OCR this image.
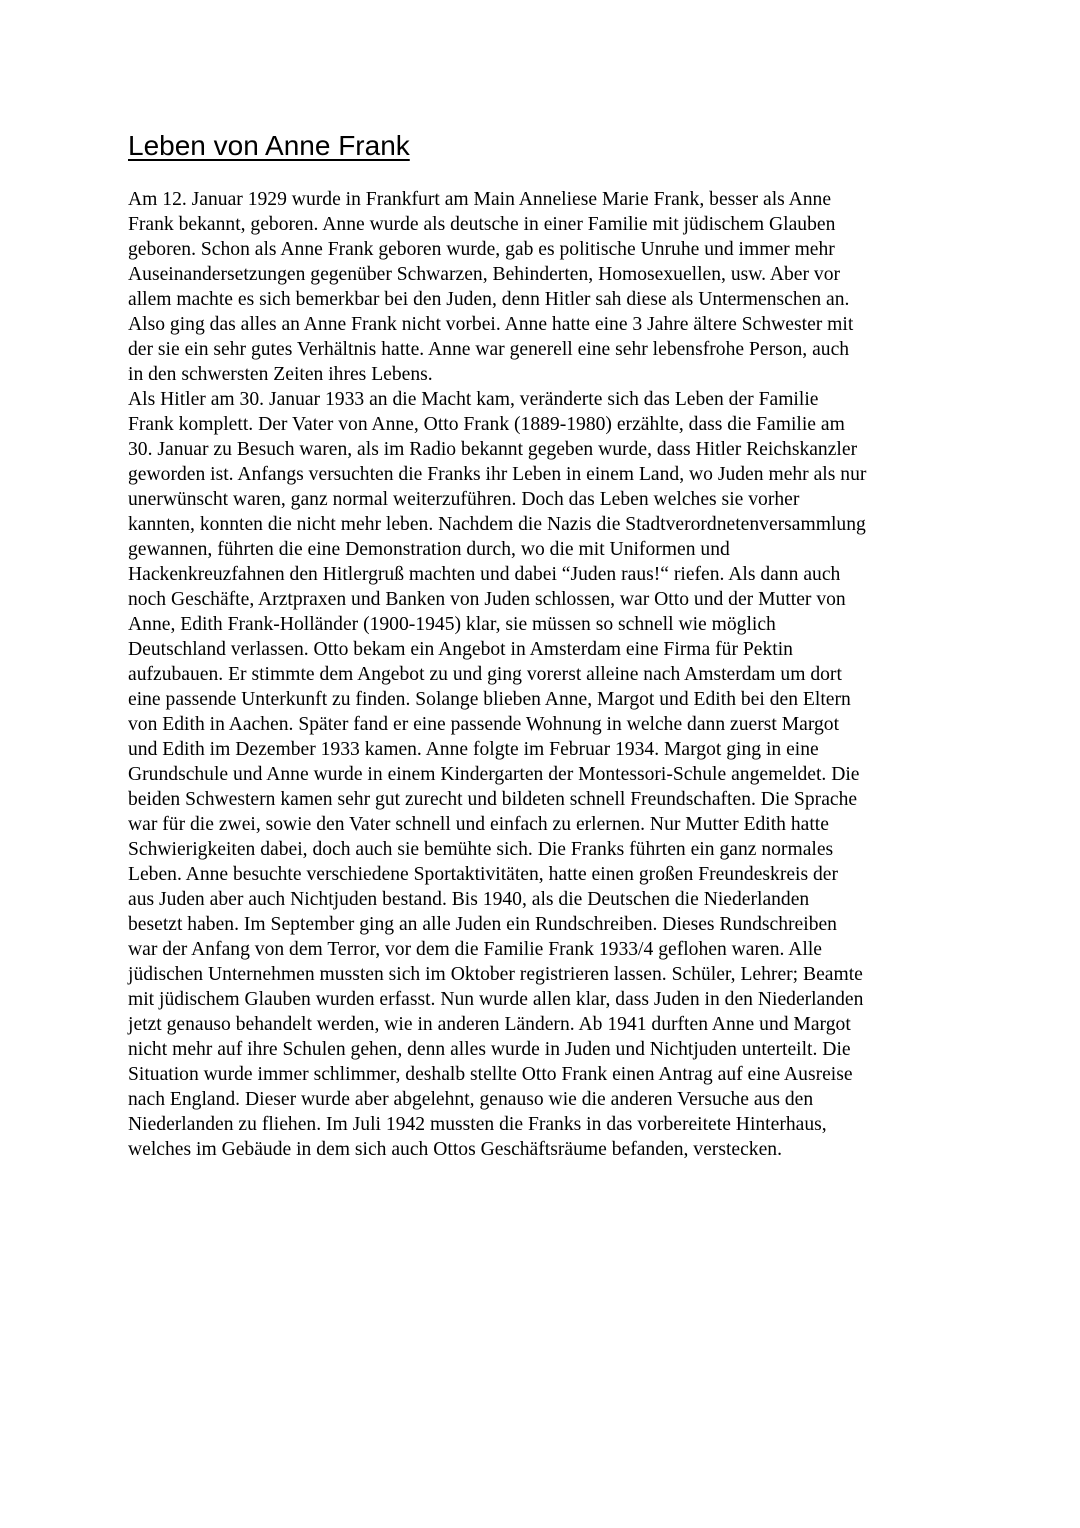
Leben von Anne Frank
Am 12. Januar 1929 wurde in Frankfurt am Main Anneliese Marie Frank, besser als Anne
Frank bekannt, geboren. Anne wurde als deutsche in einer Familie mit jüdischem Glauben
geboren. Schon als Anne Frank geboren wurde, gab es politische Unruhe und immer mehr
Auseinandersetzungen gegenüber Schwarzen, Behinderten, Homosexuellen, usw. Aber vor
allem machte es sich bemerkbar bei den Juden, denn Hitler sah diese als Untermenschen an.
Also ging das alles an Anne Frank nicht vorbei. Anne hatte eine 3 Jahre ältere Schwester mit
der sie ein sehr gutes Verhältnis hatte. Anne war generell eine sehr lebensfrohe Person, auch
in den schwersten Zeiten ihres Lebens.
Als Hitler am 30. Januar 1933 an die Macht kam, veränderte sich das Leben der Familie
Frank komplett. Der Vater von Anne, Otto Frank (1889-1980) erzählte, dass die Familie am
30. Januar zu Besuch waren, als im Radio bekannt gegeben wurde, dass Hitler Reichskanzler
geworden ist. Anfangs versuchten die Franks ihr Leben in einem Land, wo Juden mehr als nur
unerwünscht waren, ganz normal weiterzuführen. Doch das Leben welches sie vorher
kannten, konnten die nicht mehr leben. Nachdem die Nazis die Stadtverordnetenversammlung
gewannen, führten die eine Demonstration durch, wo die mit Uniformen und
Hackenkreuzfahnen den Hitlergruß machten und dabei “Juden raus!“ riefen. Als dann auch
noch Geschäfte, Arztpraxen und Banken von Juden schlossen, war Otto und der Mutter von
Anne, Edith Frank-Holländer (1900-1945) klar, sie müssen so schnell wie möglich
Deutschland verlassen. Otto bekam ein Angebot in Amsterdam eine Firma für Pektin
aufzubauen. Er stimmte dem Angebot zu und ging vorerst alleine nach Amsterdam um dort
eine passende Unterkunft zu finden. Solange blieben Anne, Margot und Edith bei den Eltern
von Edith in Aachen. Später fand er eine passende Wohnung in welche dann zuerst Margot
und Edith im Dezember 1933 kamen. Anne folgte im Februar 1934. Margot ging in eine
Grundschule und Anne wurde in einem Kindergarten der Montessori-Schule angemeldet. Die
beiden Schwestern kamen sehr gut zurecht und bildeten schnell Freundschaften. Die Sprache
war für die zwei, sowie den Vater schnell und einfach zu erlernen. Nur Mutter Edith hatte
Schwierigkeiten dabei, doch auch sie bemühte sich. Die Franks führten ein ganz normales
Leben. Anne besuchte verschiedene Sportaktivitäten, hatte einen großen Freundeskreis der
aus Juden aber auch Nichtjuden bestand. Bis 1940, als die Deutschen die Niederlanden
besetzt haben. Im September ging an alle Juden ein Rundschreiben. Dieses Rundschreiben
war der Anfang von dem Terror, vor dem die Familie Frank 1933/4 geflohen waren. Alle
jüdischen Unternehmen mussten sich im Oktober registrieren lassen. Schüler, Lehrer; Beamte
mit jüdischem Glauben wurden erfasst. Nun wurde allen klar, dass Juden in den Niederlanden
jetzt genauso behandelt werden, wie in anderen Ländern. Ab 1941 durften Anne und Margot
nicht mehr auf ihre Schulen gehen, denn alles wurde in Juden und Nichtjuden unterteilt. Die
Situation wurde immer schlimmer, deshalb stellte Otto Frank einen Antrag auf eine Ausreise
nach England. Dieser wurde aber abgelehnt, genauso wie die anderen Versuche aus den
Niederlanden zu fliehen. Im Juli 1942 mussten die Franks in das vorbereitete Hinterhaus,
welches im Gebäude in dem sich auch Ottos Geschäftsräume befanden, verstecken.
